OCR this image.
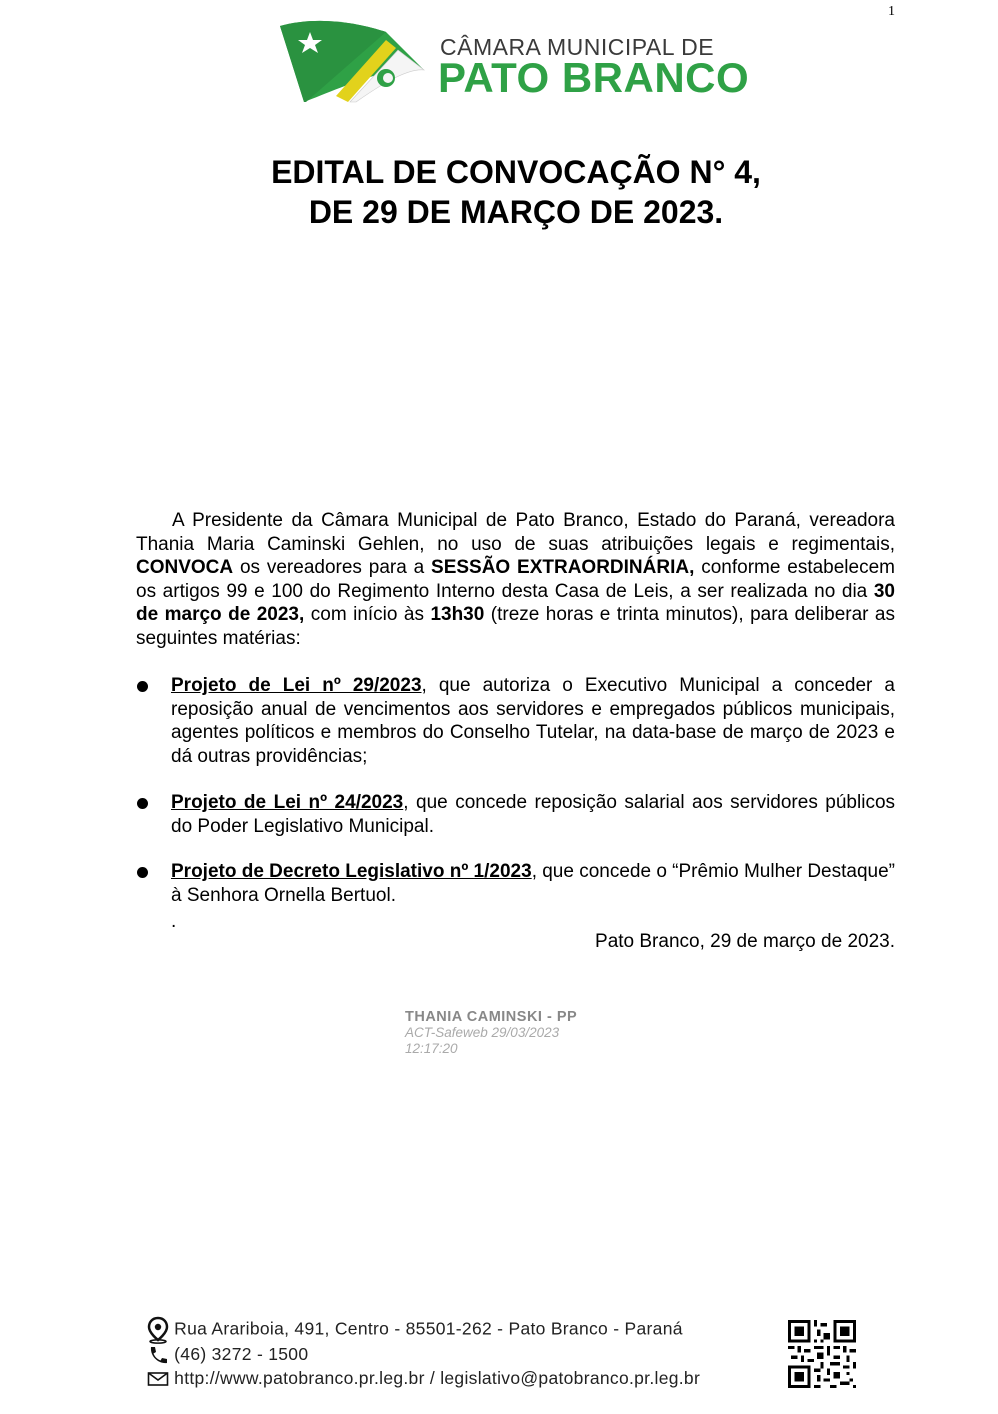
1
CÂMARA MUNICIPAL DE
PATO BRANCO
EDITAL DE CONVOCAÇÃO N° 4,
DE 29 DE MARÇO DE 2023.
A Presidente da Câmara Municipal de Pato Branco, Estado do Paraná, vereadora Thania Maria Caminski Gehlen, no uso de suas atribuições legais e regimentais, CONVOCA os vereadores para a SESSÃO EXTRAORDINÁRIA, conforme estabelecem os artigos 99 e 100 do Regimento Interno desta Casa de Leis, a ser realizada no dia 30 de março de 2023, com início às 13h30 (treze horas e trinta minutos), para deliberar as seguintes matérias:
Projeto de Lei nº 29/2023, que autoriza o Executivo Municipal a conceder a reposição anual de vencimentos aos servidores e empregados públicos municipais, agentes políticos e membros do Conselho Tutelar, na data-base de março de 2023 e dá outras providências;
Projeto de Lei nº 24/2023, que concede reposição salarial aos servidores públicos do Poder Legislativo Municipal.
Projeto de Decreto Legislativo nº 1/2023, que concede o “Prêmio Mulher Destaque” à Senhora Ornella Bertuol.
.
Pato Branco, 29 de março de 2023.
THANIA CAMINSKI - PP
ACT-Safeweb 29/03/2023
12:17:20
Rua Arariboia, 491, Centro - 85501-262 - Pato Branco - Paraná
(46) 3272 - 1500
http://www.patobranco.pr.leg.br / legislativo@patobranco.pr.leg.br
